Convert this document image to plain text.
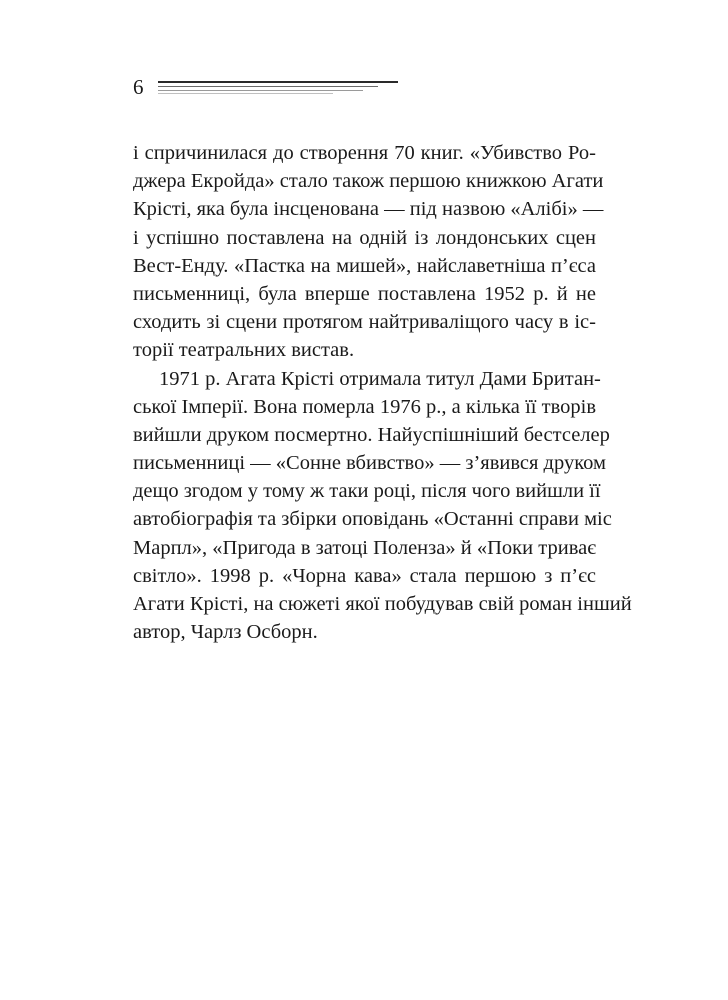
6
і спричинилася до створення 70 книг. «Убивство Ро-
джера Екройда» стало також першою книжкою Агати
Крісті, яка була інсценована — під назвою «Алібі» —
і успішно поставлена на одній із лондонських сцен
Вест-Енду. «Пастка на мишей», найславетніша п’єса
письменниці, була вперше поставлена 1952 р. й не
сходить зі сцени протягом найтриваліщого часу в іс-
торії театральних вистав.
1971 р. Агата Крісті отримала титул Дами Британ-
ської Імперії. Вона померла 1976 р., а кілька її творів
вийшли друком посмертно. Найуспішніший бестселер
письменниці — «Сонне вбивство» — з’явився друком
дещо згодом у тому ж таки році, після чого вийшли її
автобіографія та збірки оповідань «Останні справи міс
Марпл», «Пригода в затоці Поленза» й «Поки триває
світло». 1998 р. «Чорна кава» стала першою з п’єс
Агати Крісті, на сюжеті якої побудував свій роман інший
автор, Чарлз Осборн.
